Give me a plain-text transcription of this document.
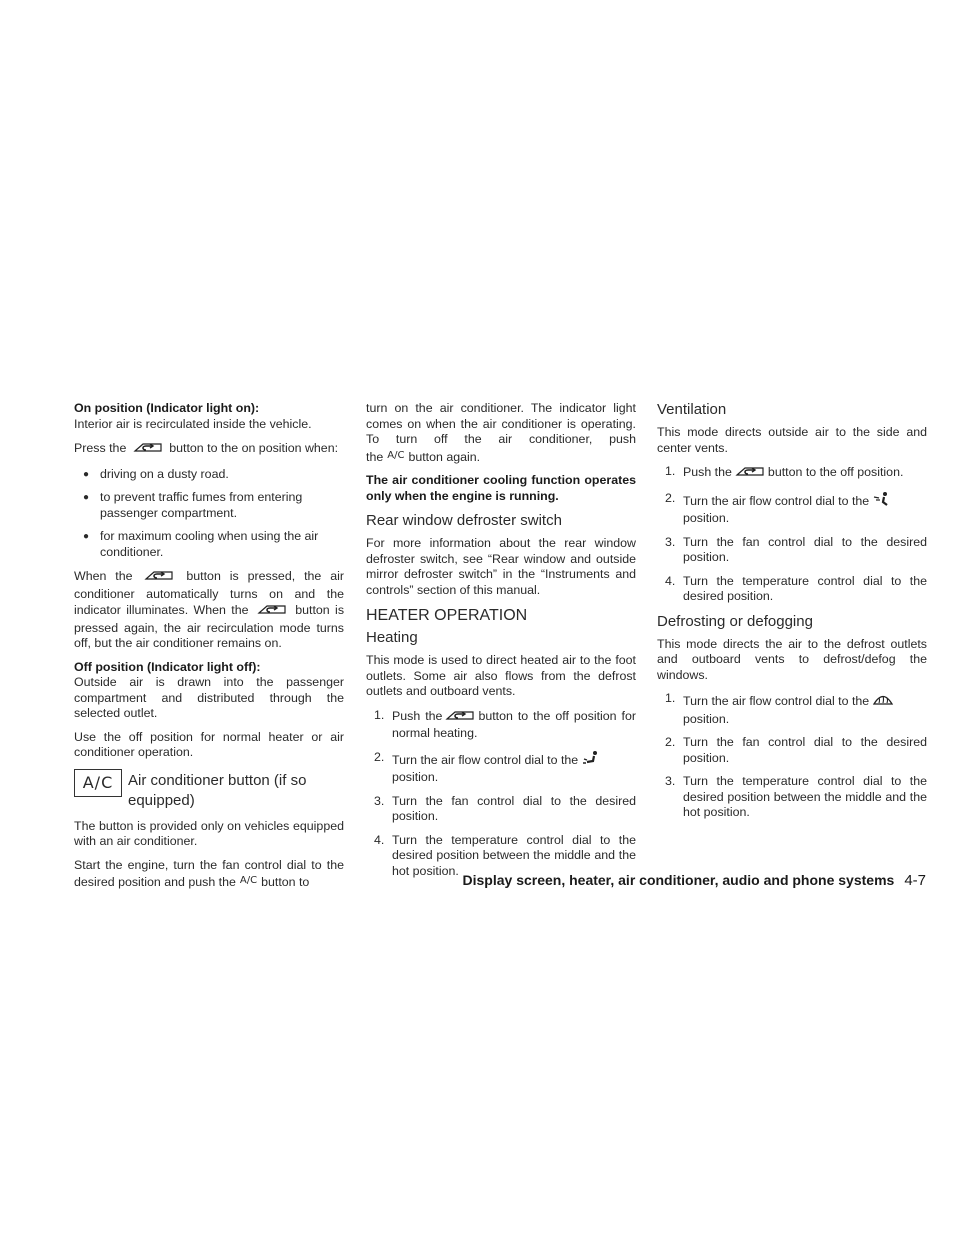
On position (Indicator light on):

Interior air is recirculated inside the vehicle.

Press the	button to the on position when:

● driving on a dusty road.
● to prevent traffic fumes from entering passenger compartment.
● for maximum cooling when using the air conditioner.

When the	button is pressed, the air conditioner automatically turns on and the indicator illuminates. When the	button is pressed again, the air recirculation mode turns off, but the air conditioner remains on.

Off position (Indicator light off):

Outside air is drawn into the passenger compartment and distributed through the selected outlet.

Use the off position for normal heater or air conditioner operation.

A/C Air conditioner button (if so equipped)

The button is provided only on vehicles equipped with an air conditioner.

Start the engine, turn the fan control dial to the desired position and push the $^{A/C}$ button to

turn on the air conditioner. The indicator light comes on when the air conditioner is operating. To turn off the air conditioner, push the $^{A/C}$ button again.

The air conditioner cooling function operates only when the engine is running.

Rear window defroster switch

For more information about the rear window defroster switch, see “Rear window and outside mirror defroster switch” in the “Instruments and controls” section of this manual.

HEATER OPERATION
Heating

This mode is used to direct heated air to the foot outlets. Some air also flows from the defrost outlets and outboard vents.

1. Push the	button to the off position for normal heating.
2. Turn the air flow control dial to the
position.
3. Turn the fan control dial to the desired position.
4. Turn the temperature control dial to the desired position between the middle and the hot position.
Ventilation

This mode directs outside air to the side and center vents.

1. Push the	button to the off position.
2. Turn the air flow control dial to the
position.
3. Turn the fan control dial to the desired position.
4. Turn the temperature control dial to the desired position.
Defrosting or defogging

This mode directs the air to the defrost outlets and outboard vents to defrost/defog the windows.

1. Turn the air flow control dial to the
position.
2. Turn the fan control dial to the desired position.
3. Turn the temperature control dial to the desired position between the middle and the hot position.
Display screen, heater, air conditioner, audio and phone systems 4-7
